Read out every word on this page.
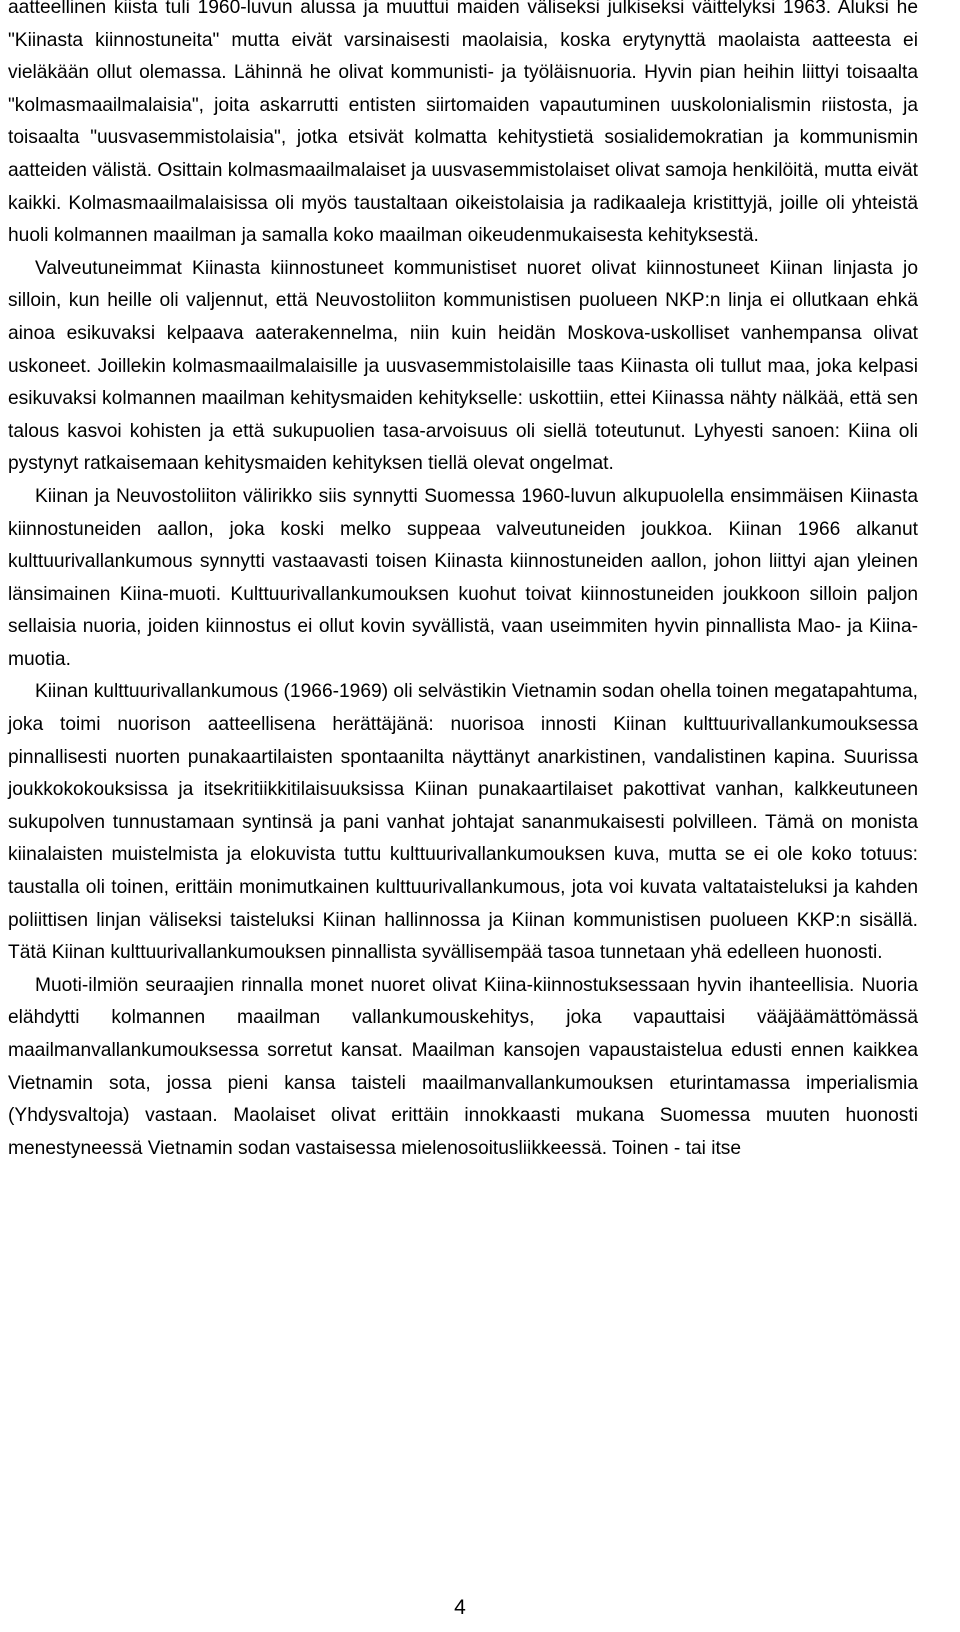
aatteellinen kiista tuli 1960-luvun alussa ja muuttui maiden väliseksi julkiseksi väittelyksi 1963. Aluksi he "Kiinasta kiinnostuneita" mutta eivät varsinaisesti maolaisia, koska erytynyttä maolaista aatteesta ei vieläkään ollut olemassa. Lähinnä he olivat kommunisti- ja työläisnuoria. Hyvin pian heihin liittyi toisaalta "kolmasmaailmalaisia", joita askarrutti entisten siirtomaiden vapautuminen uuskolonialismin riistosta, ja toisaalta "uusvasemmistolaisia", jotka etsivät kolmatta kehitystietä sosialidemokratian ja kommunismin aatteiden välistä. Osittain kolmasmaailmalaiset ja uusvasemmistolaiset olivat samoja henkilöitä, mutta eivät kaikki. Kolmasmaailmalaisissa oli myös taustaltaan oikeistolaisia ja radikaaleja kristittyjä, joille oli yhteistä huoli kolmannen maailman ja samalla koko maailman oikeudenmukaisesta kehityksestä.

Valveutuneimmat Kiinasta kiinnostuneet kommunistiset nuoret olivat kiinnostuneet Kiinan linjasta jo silloin, kun heille oli valjennut, että Neuvostoliiton kommunistisen puolueen NKP:n linja ei ollutkaan ehkä ainoa esikuvaksi kelpaava aaterakennelma, niin kuin heidän Moskova-uskolliset vanhempansa olivat uskoneet. Joillekin kolmasmaailmalaisille ja uusvasemmistolaisille taas Kiinasta oli tullut maa, joka kelpasi esikuvaksi kolmannen maailman kehitysmaiden kehitykselle: uskottiin, ettei Kiinassa nähty nälkää, että sen talous kasvoi kohisten ja että sukupuolien tasa-arvoisuus oli siellä toteutunut. Lyhyesti sanoen: Kiina oli pystynyt ratkaisemaan kehitysmaiden kehityksen tiellä olevat ongelmat.

Kiinan ja Neuvostoliiton välirikko siis synnytti Suomessa 1960-luvun alkupuolella ensimmäisen Kiinasta kiinnostuneiden aallon, joka koski melko suppeaa valveutuneiden joukkoa. Kiinan 1966 alkanut kulttuurivallankumous synnytti vastaavasti toisen Kiinasta kiinnostuneiden aallon, johon liittyi ajan yleinen länsimainen Kiina-muoti. Kulttuurivallankumouksen kuohut toivat kiinnostuneiden joukkoon silloin paljon sellaisia nuoria, joiden kiinnostus ei ollut kovin syvällistä, vaan useimmiten hyvin pinnallista Mao- ja Kiina-muotia.

Kiinan kulttuurivallankumous (1966-1969) oli selvästikin Vietnamin sodan ohella toinen megatapahtuma, joka toimi nuorison aatteellisena herättäjänä: nuorisoa innosti Kiinan kulttuurivallankumouksessa pinnallisesti nuorten punakaartilaisten spontaanilta näyttänyt anarkistinen, vandalistinen kapina. Suurissa joukkokokouksissa ja itsekritiikkitilaisuuksissa Kiinan punakaartilaiset pakottivat vanhan, kalkkeutuneen sukupolven tunnustamaan syntinsä ja pani vanhat johtajat sananmukaisesti polvilleen. Tämä on monista kiinalaisten muistelmista ja elokuvista tuttu kulttuurivallankumouksen kuva, mutta se ei ole koko totuus: taustalla oli toinen, erittäin monimutkainen kulttuurivallankumous, jota voi kuvata valtataisteluksi ja kahden poliittisen linjan väliseksi taisteluksi Kiinan hallinnossa ja Kiinan kommunistisen puolueen KKP:n sisällä. Tätä Kiinan kulttuurivallankumouksen pinnallista syvällisempää tasoa tunnetaan yhä edelleen huonosti.

Muoti-ilmiön seuraajien rinnalla monet nuoret olivat Kiina-kiinnostuksessaan hyvin ihanteellisia. Nuoria elähdytti kolmannen maailman vallankumouskehitys, joka vapauttaisi vääjäämättömässä maailmanvallankumouksessa sorretut kansat. Maailman kansojen vapaustaistelua edusti ennen kaikkea Vietnamin sota, jossa pieni kansa taisteli maailmanvallankumouksen eturintamassa imperialismia (Yhdysvaltoja) vastaan. Maolaiset olivat erittäin innokkaasti mukana Suomessa muuten huonosti menestyneessä Vietnamin sodan vastaisessa mielenosoitusliikkeessä. Toinen - tai itse

4
